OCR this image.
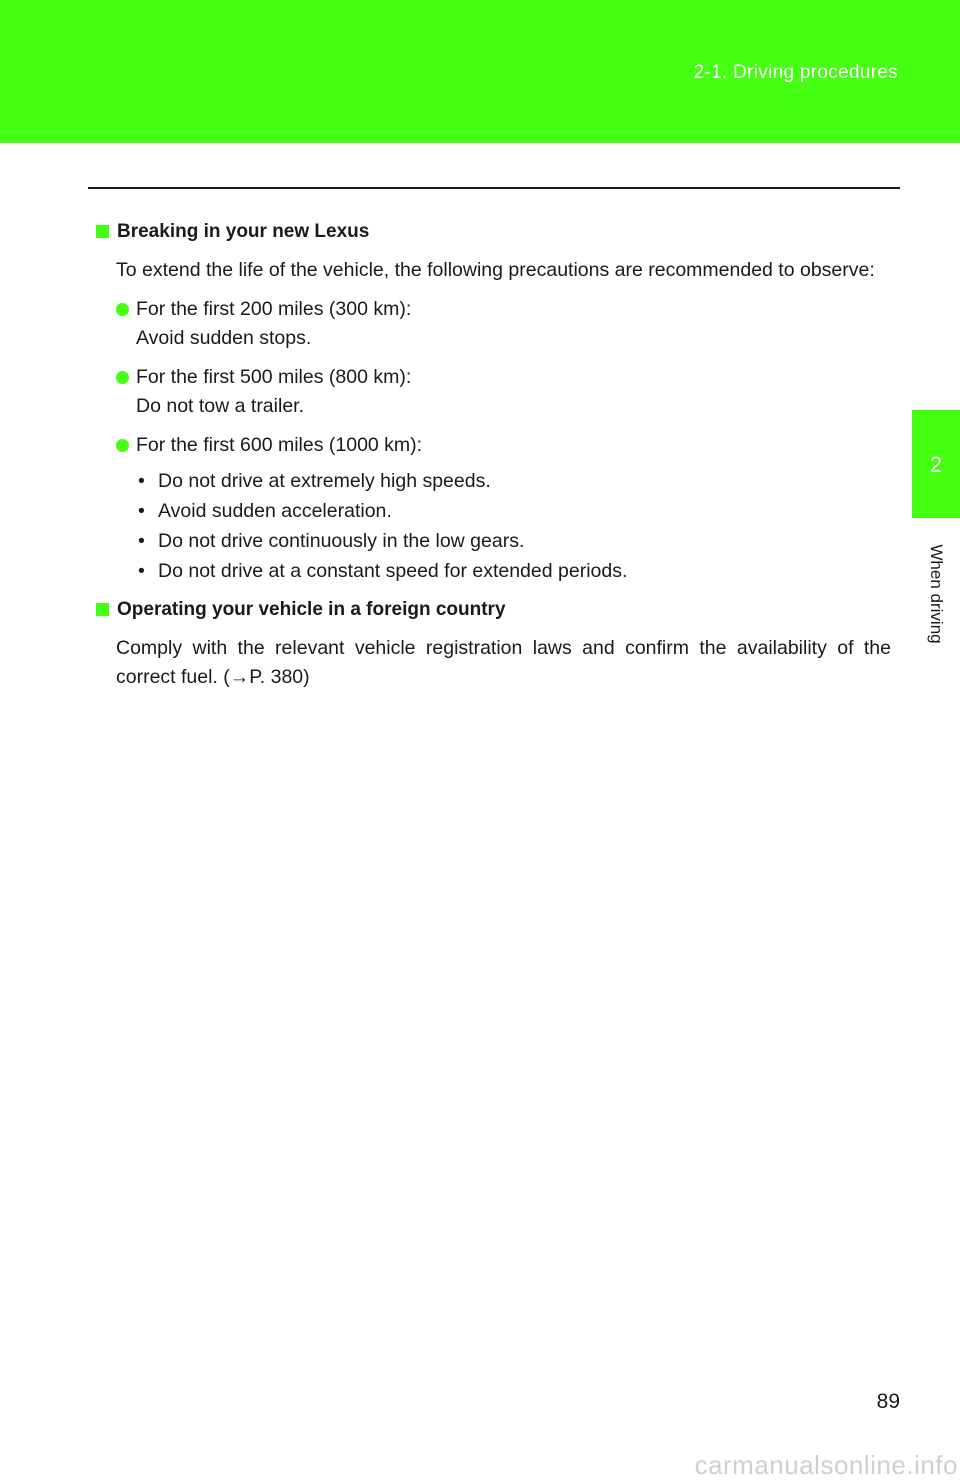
2-1. Driving procedures
2
When driving
Breaking in your new Lexus
To extend the life of the vehicle, the following precautions are recommended to observe:
For the first 200 miles (300 km):
Avoid sudden stops.
For the first 500 miles (800 km):
Do not tow a trailer.
For the first 600 miles (1000 km):
• Do not drive at extremely high speeds.
• Avoid sudden acceleration.
• Do not drive continuously in the low gears.
• Do not drive at a constant speed for extended periods.
Operating your vehicle in a foreign country
Comply with the relevant vehicle registration laws and confirm the availability of the correct fuel. (→P. 380)
89
carmanualsonline.info
